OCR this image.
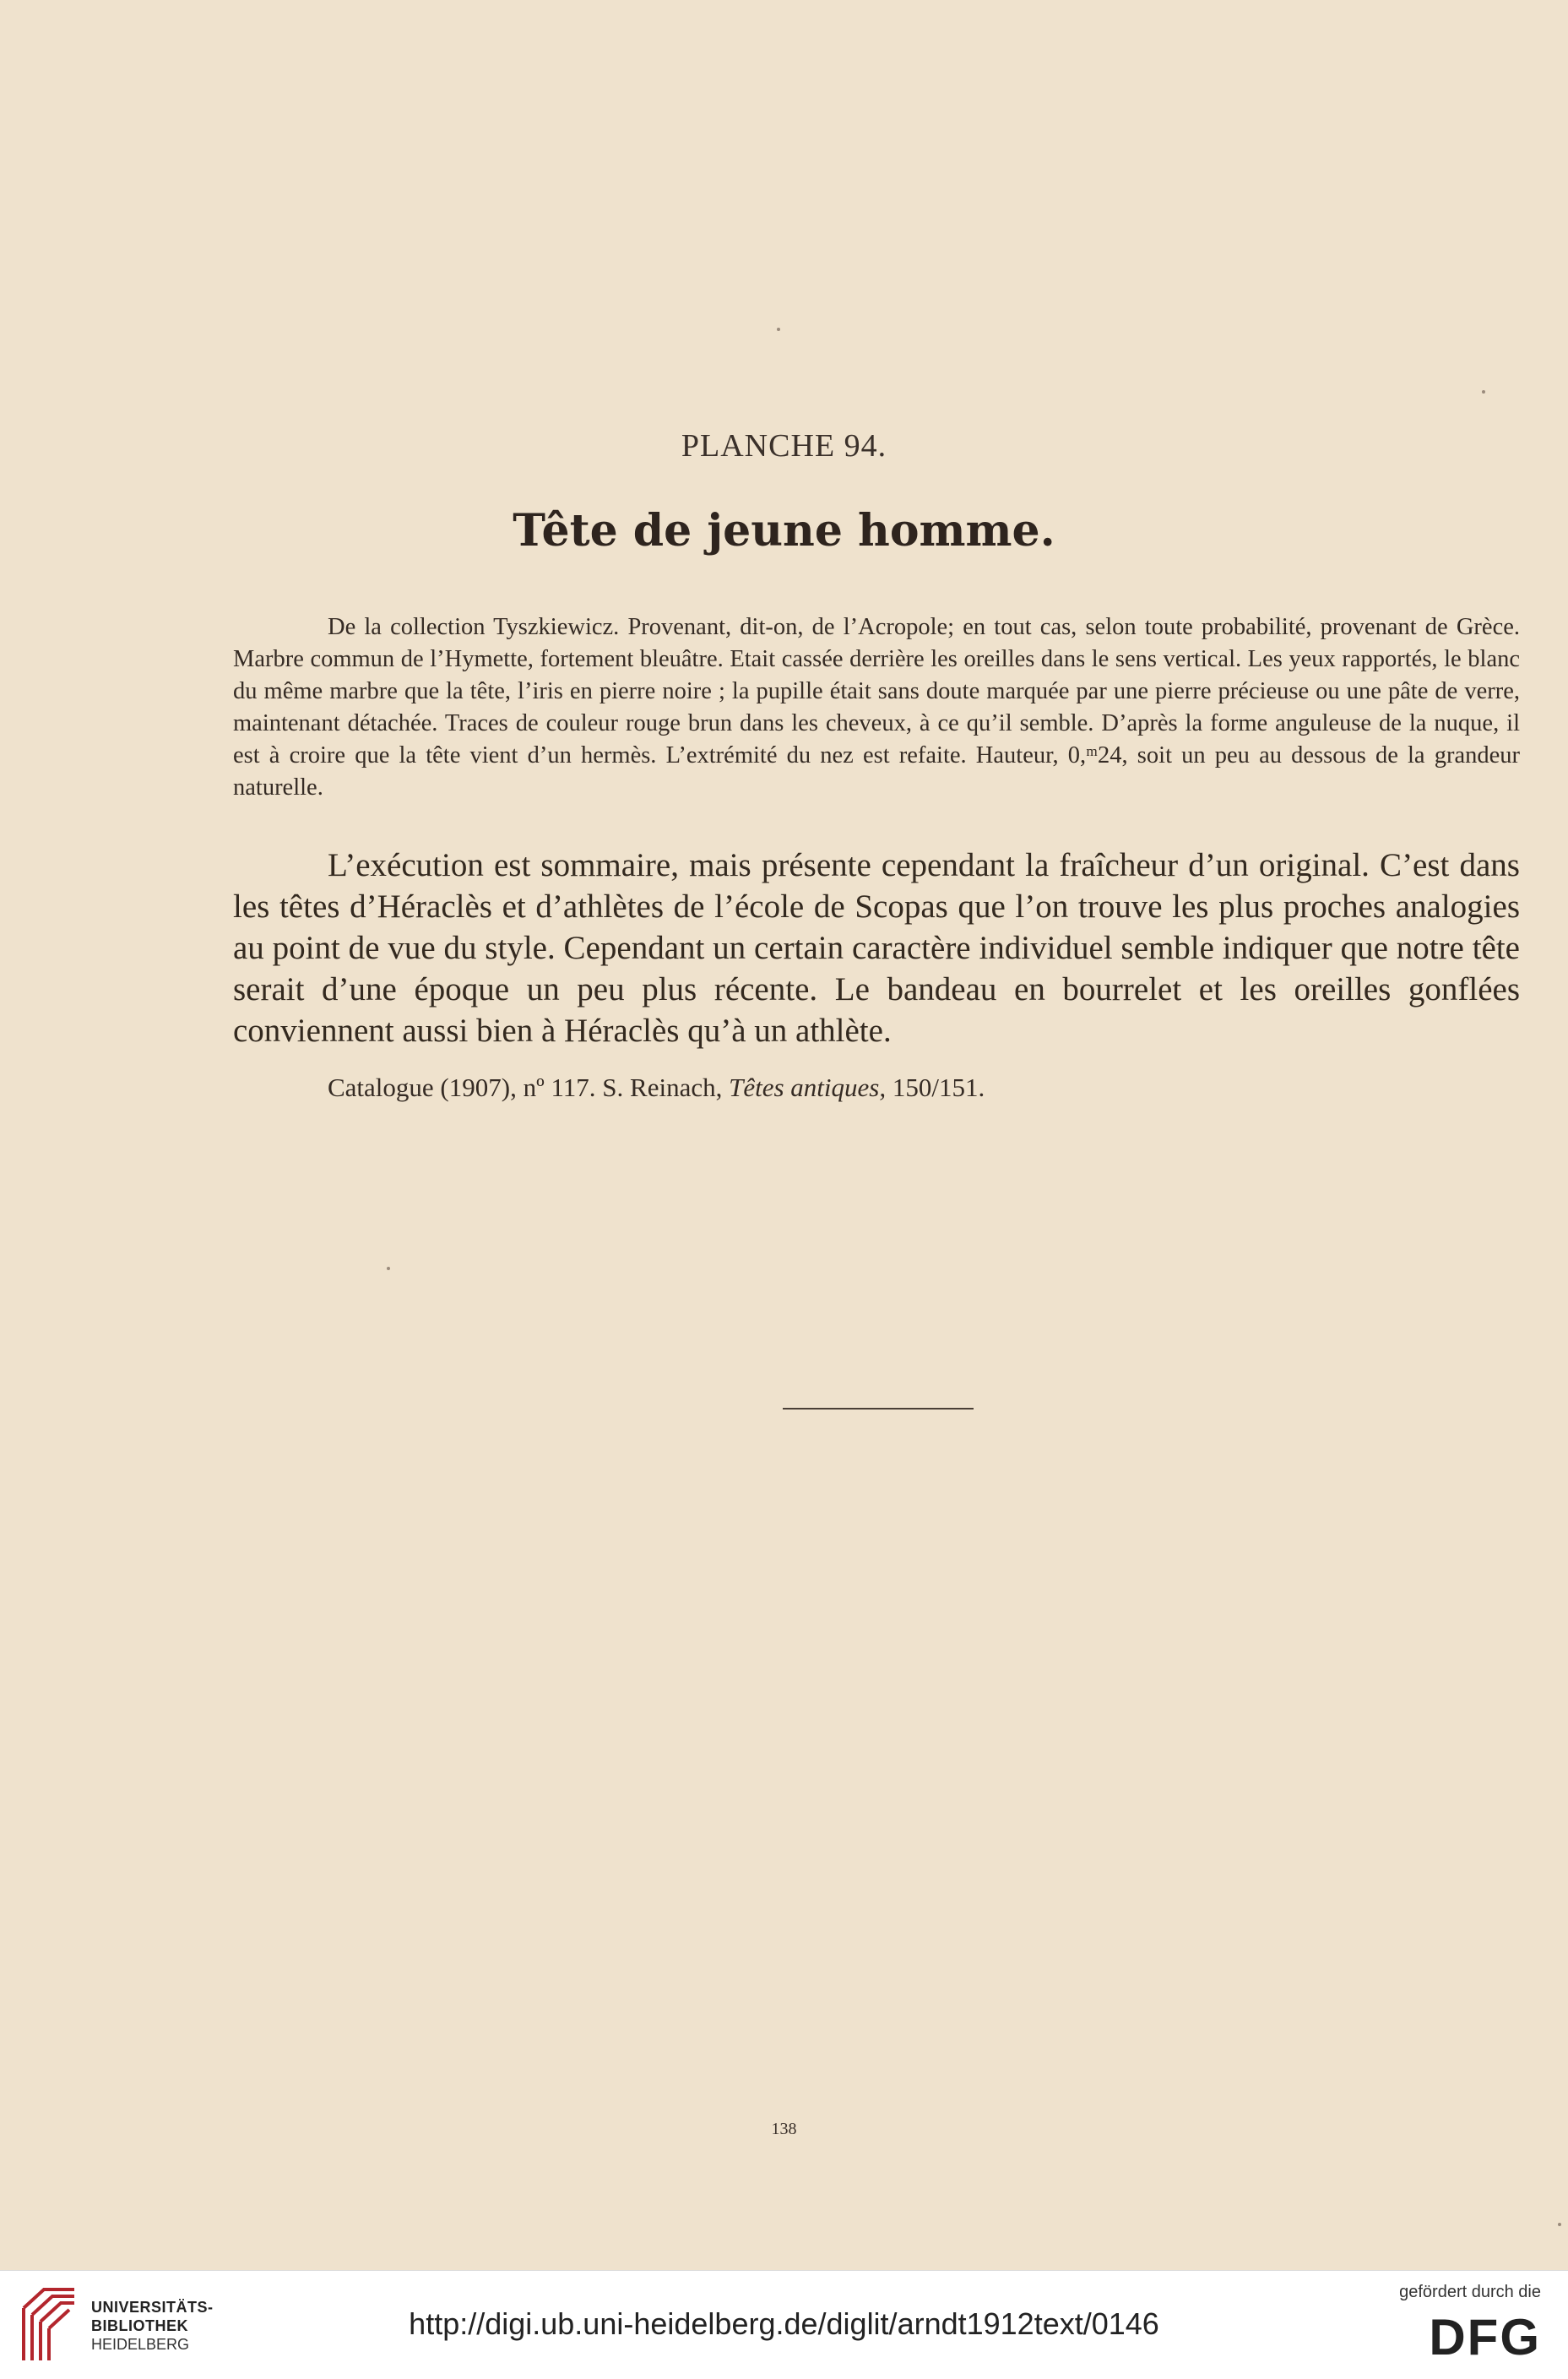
PLANCHE 94.
Tête de jeune homme.
De la collection Tyszkiewicz. Provenant, dit-on, de l’Acropole; en tout cas, selon toute probabilité, provenant de Grèce. Marbre commun de l’Hymette, fortement bleuâtre. Etait cassée derrière les oreilles dans le sens vertical. Les yeux rapportés, le blanc du même marbre que la tête, l’iris en pierre noire ; la pupille était sans doute marquée par une pierre précieuse ou une pâte de verre, maintenant détachée. Traces de couleur rouge brun dans les cheveux, à ce qu’il semble. D’après la forme anguleuse de la nuque, il est à croire que la tête vient d’un hermès. L’extrémité du nez est refaite. Hauteur, 0,ᵐ24, soit un peu au dessous de la grandeur naturelle.
L’exécution est sommaire, mais présente cependant la fraîcheur d’un original. C’est dans les têtes d’Héraclès et d’athlètes de l’école de Scopas que l’on trouve les plus proches analogies au point de vue du style. Cependant un certain caractère individuel semble indiquer que notre tête serait d’une époque un peu plus récente. Le bandeau en bourrelet et les oreilles gonflées conviennent aussi bien à Héraclès qu’à un athlète.
Catalogue (1907), nº 117. S. Reinach, Têtes antiques, 150/151.
138
UNIVERSITÄTS-
BIBLIOTHEK
HEIDELBERG
http://digi.ub.uni-heidelberg.de/diglit/arndt1912text/0146
gefördert durch die
DFG
